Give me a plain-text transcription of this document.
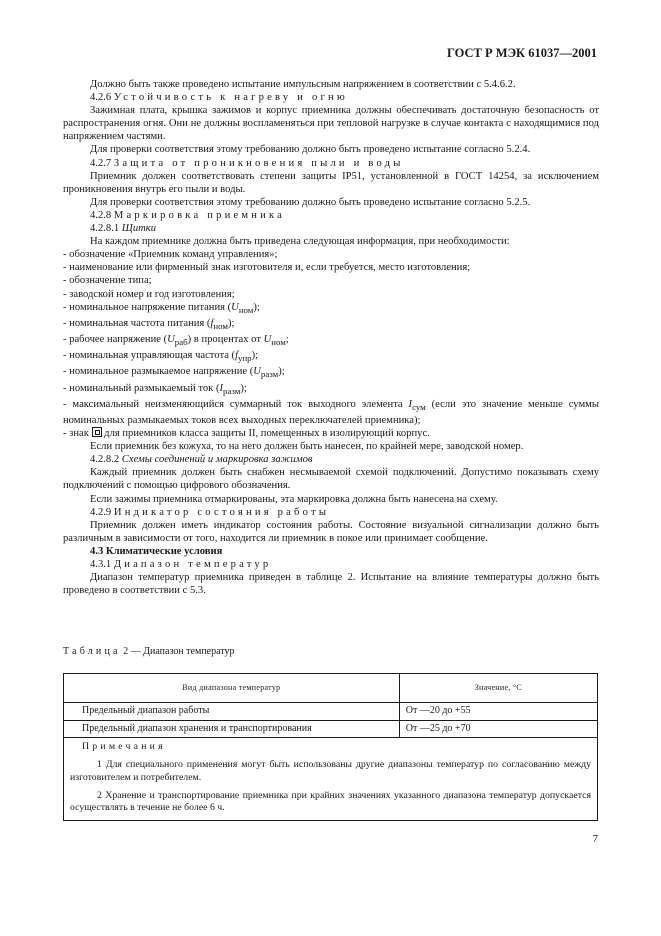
ГОСТ Р МЭК 61037—2001

Должно быть также проведено испытание импульсным напряжением в соответствии с 5.4.6.2.

4.2.6 Устойчивость к нагреву и огню

Зажимная плата, крышка зажимов и корпус приемника должны обеспечивать достаточную безопасность от распространения огня. Они не должны воспламеняться при тепловой нагрузке в случае контакта с находящимися под напряжением частями.

Для проверки соответствия этому требованию должно быть проведено испытание согласно 5.2.4.

4.2.7 Защита от проникновения пыли и воды

Приемник должен соответствовать степени защиты IP51, установленной в ГОСТ 14254, за исключением проникновения внутрь его пыли и воды.

Для проверки соответствия этому требованию должно быть проведено испытание согласно 5.2.5.

4.2.8 Маркировка приемника

4.2.8.1 Щитки

На каждом приемнике должна быть приведена следующая информация, при необходимости:

- обозначение «Приемник команд управления»;

- наименование или фирменный знак изготовителя и, если требуется, место изготовления;

- обозначение типа;

- заводской номер и год изготовления;

- номинальное напряжение питания $(U_{ном})$;

- номинальная частота питания $(f_{ном})$;

- рабочее напряжение $(U_{раб})$ в процентах от $U_{ном}$;

- номинальная управляющая частота $(f_{упр})$;

- номинальное размыкаемое напряжение $(U_{разм})$;

- номинальный размыкаемый ток $(I_{разм})$;

- максимальный неизменяющийся суммарный ток выходного элемента $I_{сум}$ (если это значение меньше суммы номинальных размыкаемых токов всех выходных переключателей приемника);

- знак  для приемников класса защиты II, помещенных в изолирующий корпус.

Если приемник без кожуха, то на него должен быть нанесен, по крайней мере, заводской номер.

4.2.8.2 Схемы соединений и маркировка зажимов

Каждый приемник должен быть снабжен несмываемой схемой подключений. Допустимо показывать схему подключений с помощью цифрового обозначения.

Если зажимы приемника отмаркированы, эта маркировка должна быть нанесена на схему.

4.2.9 Индикатор состояния работы

Приемник должен иметь индикатор состояния работы. Состояние визуальной сигнализации должно быть различным в зависимости от того, находится ли приемник в покое или принимает сообщение.

4.3 Климатические условия

4.3.1 Диапазон температур

Диапазон температур приемника приведен в таблице 2. Испытание на влияние температуры должно быть проведено в соответствии с 5.3.

Таблица 2 — Диапазон температур
Вид диапазона температур	Значение, °С
Предельный диапазон работы	От —20 до +55
Предельный диапазон хранения и транспортирования	От —25 до +70

Примечания

1 Для специального применения могут быть использованы другие диапазоны температур по согласованию между изготовителем и потребителем.

2 Хранение и транспортирование приемника при крайних значениях указанного диапазона температур допускается осуществлять в течение не более 6 ч.	

7
